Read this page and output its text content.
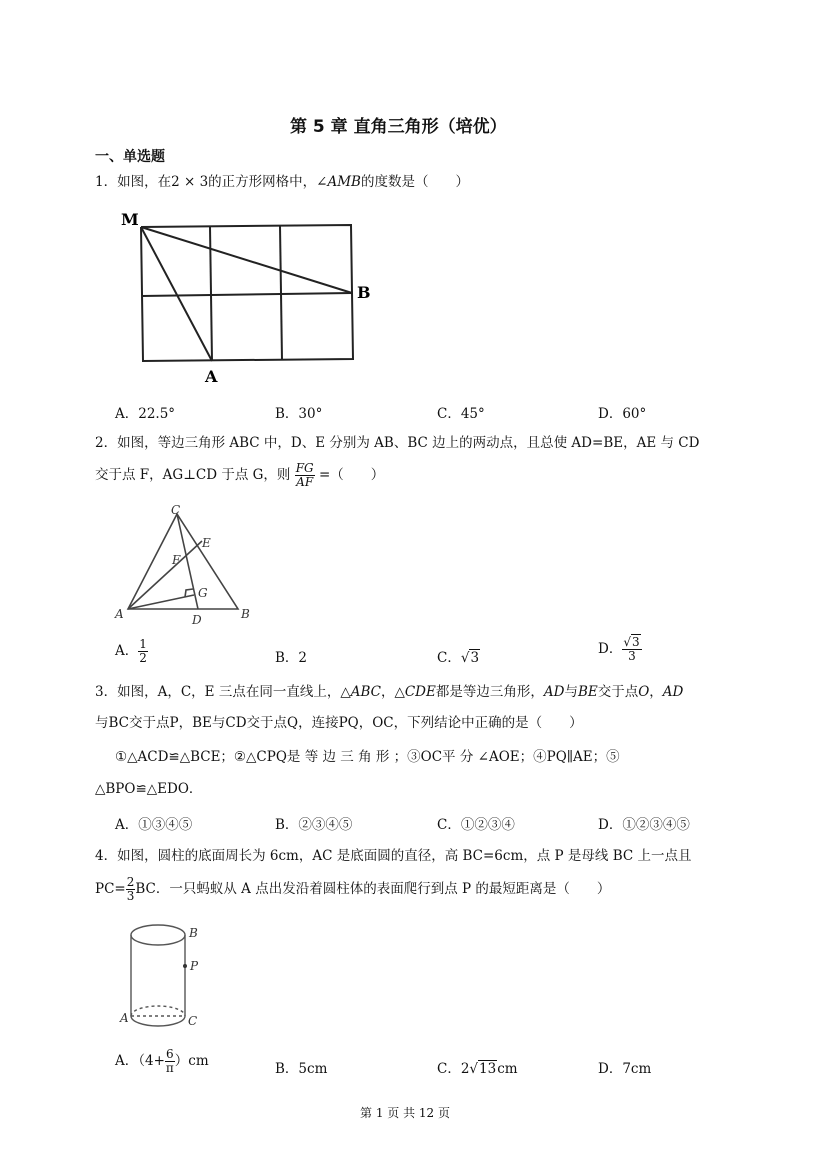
第 5 章 直角三角形（培优）
一、单选题
1．如图，在2 × 3的正方形网格中，∠AMB的度数是（　　）
M
B
A
A．22.5°	B．30°	C．45°	D．60°
2．如图，等边三角形 ABC 中，D、E 分别为 AB、BC 边上的两动点，且总使 AD=BE，AE 与 CD
交于点 F，AG⊥CD 于点 G，则 $\frac{FG}{AF}$ =（　　）
C
E
F
G
A	D	B
A． $\frac{1}{2}$	B．2	C．√3
D． $\frac{√3}{3}$
3．如图，A，C，E 三点在同一直线上，△ABC，△CDE都是等边三角形，AD与BE交于点O，AD
与BC交于点P，BE与CD交于点Q，连接PQ，OC，下列结论中正确的是（　　）
①△ACD≌△BCE；②△CPQ是 等 边 三 角 形 ；③OC平 分 ∠AOE；④PQ∥AE；⑤
△BPO≌△EDO．
A．①③④⑤	B．②③④⑤	C．①②③④	D．①②③④⑤
4．如图，圆柱的底面周长为 6cm，AC 是底面圆的直径，高 BC=6cm，点 P 是母线 BC 上一点且
$PC= \frac{2}{3}$ BC．一只蚂蚁从 A 点出发沿着圆柱体的表面爬行到点 P 的最短距离是（　　）
B
P
A	C
A．$(4+ \frac{6}{\pi} )cm$	B．5cm	C．2√13cm	D．7cm
第 1 页 共 12 页
